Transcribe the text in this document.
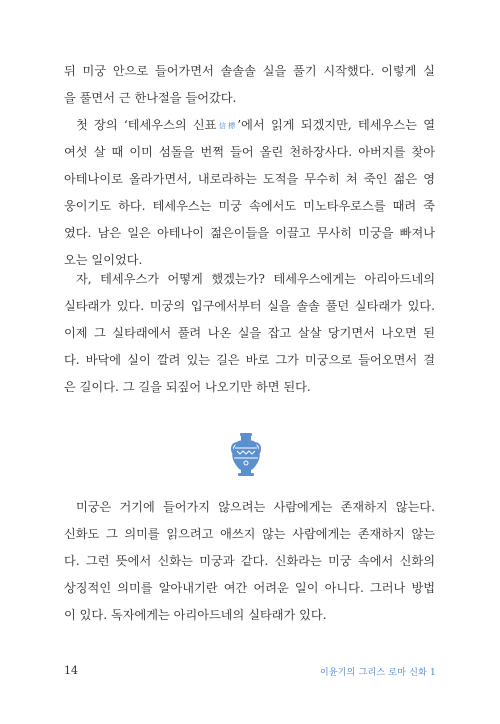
뒤 미궁 안으로 들어가면서 솔솔솔 실을 풀기 시작했다. 이렇게 실
을 풀면서 근 한나절을 들어갔다.
첫 장의 ‘테세우스의 신표信標’에서 읽게 되겠지만, 테세우스는 열
여섯 살 때 이미 섬돌을 번쩍 들어 올린 천하장사다. 아버지를 찾아
아테나이로 올라가면서, 내로라하는 도적을 무수히 쳐 죽인 젊은 영
웅이기도 하다. 테세우스는 미궁 속에서도 미노타우로스를 때려 죽
였다. 남은 일은 아테나이 젊은이들을 이끌고 무사히 미궁을 빠져나
오는 일이었다.
자, 테세우스가 어떻게 했겠는가? 테세우스에게는 아리아드네의
실타래가 있다. 미궁의 입구에서부터 실을 솔솔 풀던 실타래가 있다.
이제 그 실타래에서 풀려 나온 실을 잡고 살살 당기면서 나오면 된
다. 바닥에 실이 깔려 있는 길은 바로 그가 미궁으로 들어오면서 걸
은 길이다. 그 길을 되짚어 나오기만 하면 된다.
미궁은 거기에 들어가지 않으려는 사람에게는 존재하지 않는다.
신화도 그 의미를 읽으려고 애쓰지 않는 사람에게는 존재하지 않는
다. 그런 뜻에서 신화는 미궁과 같다. 신화라는 미궁 속에서 신화의
상징적인 의미를 알아내기란 여간 어려운 일이 아니다. 그러나 방법
이 있다. 독자에게는 아리아드네의 실타래가 있다.
14	이윤기의 그리스 로마 신화 1
